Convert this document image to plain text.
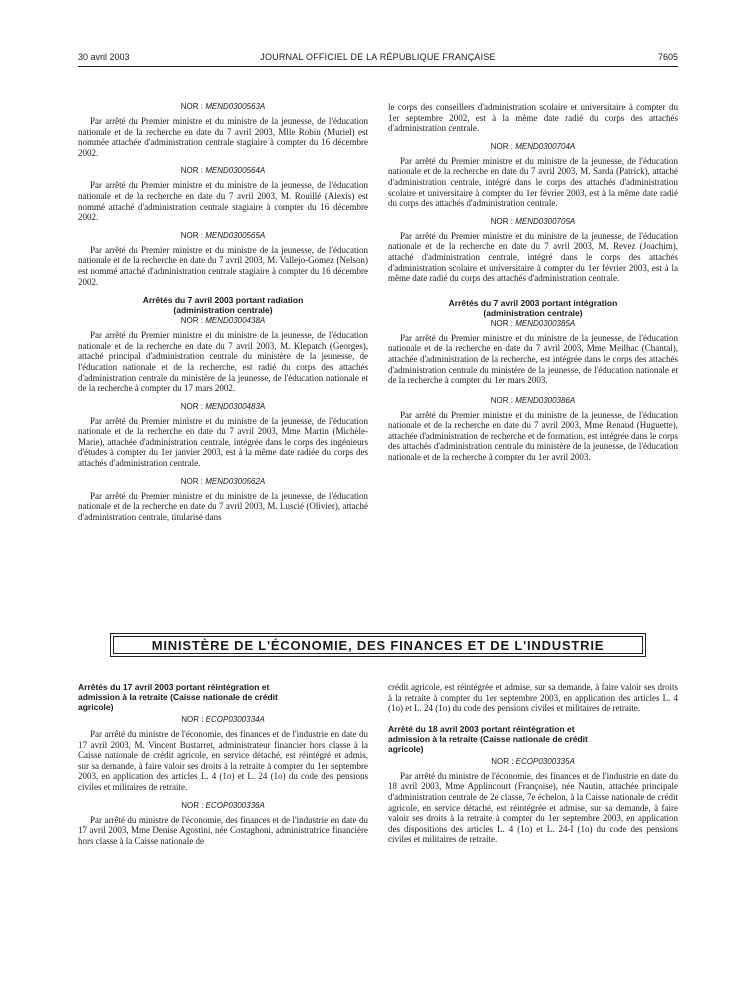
30 avril 2003	JOURNAL OFFICIEL DE LA RÉPUBLIQUE FRANÇAISE	7605
NOR : MEND0300563A

Par arrêté du Premier ministre et du ministre de la jeunesse, de l'éducation nationale et de la recherche en date du 7 avril 2003, Mlle Robin (Muriel) est nommée attachée d'administration centrale stagiaire à compter du 16 décembre 2002.

NOR : MEND0300564A

Par arrêté du Premier ministre et du ministre de la jeunesse, de l'éducation nationale et de la recherche en date du 7 avril 2003, M. Rouillé (Alexis) est nommé attaché d'administration centrale stagiaire à compter du 16 décembre 2002.

NOR : MEND0300565A

Par arrêté du Premier ministre et du ministre de la jeunesse, de l'éducation nationale et de la recherche en date du 7 avril 2003, M. Vallejo-Gomez (Nelson) est nommé attaché d'administration centrale stagiaire à compter du 16 décembre 2002.

Arrêtés du 7 avril 2003 portant radiation
(administration centrale)
NOR : MEND0300438A

Par arrêté du Premier ministre et du ministre de la jeunesse, de l'éducation nationale et de la recherche en date du 7 avril 2003, M. Klepatch (Georges), attaché principal d'administration centrale du ministère de la jeunesse, de l'éducation nationale et de la recherche, est radié du corps des attachés d'administration centrale du ministère de la jeunesse, de l'éducation nationale et de la recherche à compter du 17 mars 2002.

NOR : MEND0300483A

Par arrêté du Premier ministre et du ministre de la jeunesse, de l'éducation nationale et de la recherche en date du 7 avril 2003, Mme Martin (Michèle-Marie), attachée d'administration centrale, intégrée dans le corps des ingénieurs d'études à compter du 1er janvier 2003, est à la même date radiée du corps des attachés d'administration centrale.

NOR : MEND0300562A

Par arrêté du Premier ministre et du ministre de la jeunesse, de l'éducation nationale et de la recherche en date du 7 avril 2003, M. Luscié (Olivier), attaché d'administration centrale, titularisé dans

le corps des conseillers d'administration scolaire et universitaire à compter du 1er septembre 2002, est à la même date radié du corps des attachés d'administration centrale.

NOR : MEND0300704A

Par arrêté du Premier ministre et du ministre de la jeunesse, de l'éducation nationale et de la recherche en date du 7 avril 2003, M. Sarda (Patrick), attaché d'administration centrale, intégré dans le corps des attachés d'administration scolaire et universitaire à compter du 1er février 2003, est à la même date radié du corps des attachés d'administration centrale.

NOR : MEND0300705A

Par arrêté du Premier ministre et du ministre de la jeunesse, de l'éducation nationale et de la recherche en date du 7 avril 2003, M. Revez (Joachim), attaché d'administration centrale, intégré dans le corps des attachés d'administration scolaire et universitaire à compter du 1er février 2003, est à la même date radié du corps des attachés d'administration centrale.

Arrêtés du 7 avril 2003 portant intégration
(administration centrale)
NOR : MEND0300385A

Par arrêté du Premier ministre et du ministre de la jeunesse, de l'éducation nationale et de la recherche en date du 7 avril 2003, Mme Meilhac (Chantal), attachée d'administration de la recherche, est intégrée dans le corps des attachés d'administration centrale du ministère de la jeunesse, de l'éducation nationale et de la recherche à compter du 1er mars 2003.

NOR : MEND0300386A

Par arrêté du Premier ministre et du ministre de la jeunesse, de l'éducation nationale et de la recherche en date du 7 avril 2003, Mme Renaud (Huguette), attachée d'administration de recherche et de formation, est intégrée dans le corps des attachés d'administration centrale du ministère de la jeunesse, de l'éducation nationale et de la recherche à compter du 1er avril 2003.

MINISTÈRE DE L'ÉCONOMIE, DES FINANCES ET DE L'INDUSTRIE
Arrêtés du 17 avril 2003 portant réintégration et
admission à la retraite (Caisse nationale de crédit
agricole)
NOR : ECOP0300334A

Par arrêté du ministre de l'économie, des finances et de l'industrie en date du 17 avril 2003, M. Vincent Bustarret, administrateur financier hors classe à la Caisse nationale de crédit agricole, en service détaché, est réintégré et admis, sur sa demande, à faire valoir ses droits à la retraite à compter du 1er septembre 2003, en application des articles L. 4 (1o) et L. 24 (1o) du code des pensions civiles et militaires de retraite.

NOR : ECOP0300336A

Par arrêté du ministre de l'économie, des finances et de l'industrie en date du 17 avril 2003, Mme Denise Agostini, née Costaghoni, administratrice financière hors classe à la Caisse nationale de

crédit agricole, est réintégrée et admise, sur sa demande, à faire valoir ses droits à la retraite à compter du 1er septembre 2003, en application des articles L. 4 (1o) et L. 24 (1o) du code des pensions civiles et militaires de retraite.

Arrêté du 18 avril 2003 portant réintégration et
admission à la retraite (Caisse nationale de crédit
agricole)
NOR : ECOP0300335A

Par arrêté du ministre de l'économie, des finances et de l'industrie en date du 18 avril 2003, Mme Applincourt (Françoise), née Nautin, attachée principale d'administration centrale de 2e classe, 7e échelon, à la Caisse nationale de crédit agricole, en service détaché, est réintégrée et admise, sur sa demande, à faire valoir ses droits à la retraite à compter du 1er septembre 2003, en application des dispositions des articles L. 4 (1o) et L. 24-I (1o) du code des pensions civiles et militaires de retraite.
